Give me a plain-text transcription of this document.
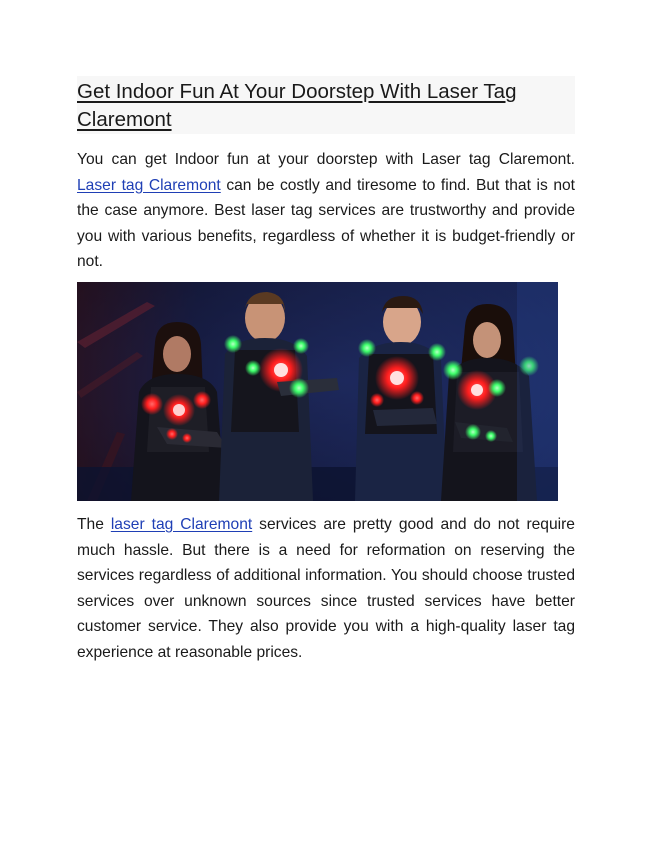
Get Indoor Fun At Your Doorstep With Laser Tag Claremont

You can get Indoor fun at your doorstep with Laser tag Claremont. Laser tag Claremont can be costly and tiresome to find. But that is not the case anymore. Best laser tag services are trustworthy and provide you with various benefits, regardless of whether it is budget-friendly or not.

The laser tag Claremont services are pretty good and do not require much hassle. But there is a need for reformation on reserving the services regardless of additional information. You should choose trusted services over unknown sources since trusted services have better customer service. They also provide you with a high-quality laser tag experience at reasonable prices.
